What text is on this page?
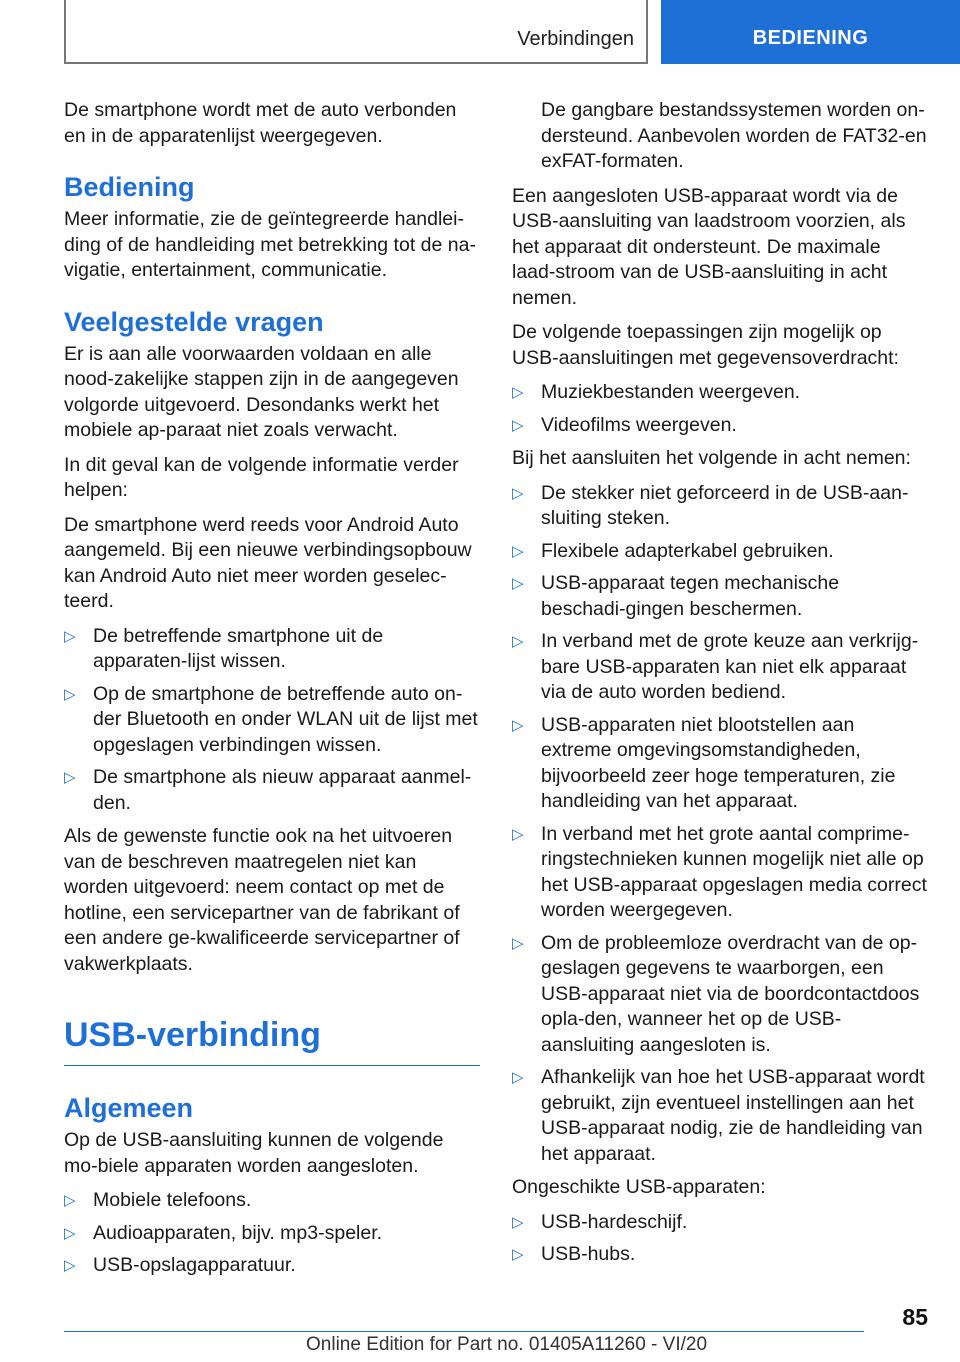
Verbindingen	BEDIENING

De smartphone wordt met de auto verbonden en in de apparatenlijst weergegeven.

Bediening

Meer informatie, zie de geïntegreerde handlei-ding of de handleiding met betrekking tot de na-vigatie, entertainment, communicatie.

Veelgestelde vragen

Er is aan alle voorwaarden voldaan en alle nood-zakelijke stappen zijn in de aangegeven volgorde uitgevoerd. Desondanks werkt het mobiele ap-paraat niet zoals verwacht.

In dit geval kan de volgende informatie verder helpen:

De smartphone werd reeds voor Android Auto aangemeld. Bij een nieuwe verbindingsopbouw kan Android Auto niet meer worden geselec-teerd.

▷ De betreffende smartphone uit de apparaten-lijst wissen.
▷ Op de smartphone de betreffende auto on-der Bluetooth en onder WLAN uit de lijst met opgeslagen verbindingen wissen.
▷ De smartphone als nieuw apparaat aanmel-den.

Als de gewenste functie ook na het uitvoeren van de beschreven maatregelen niet kan worden uitgevoerd: neem contact op met de hotline, een servicepartner van de fabrikant of een andere ge-kwalificeerde servicepartner of vakwerkplaats.

USB-verbinding
Algemeen

Op de USB-aansluiting kunnen de volgende mo-biele apparaten worden aangesloten.

▷ Mobiele telefoons.
▷ Audioapparaten, bijv. mp3-speler.
▷ USB-opslagapparatuur.

De gangbare bestandssystemen worden on-dersteund. Aanbevolen worden de FAT32-en exFAT-formaten.

Een aangesloten USB-apparaat wordt via de USB-aansluiting van laadstroom voorzien, als het apparaat dit ondersteunt. De maximale laad-stroom van de USB-aansluiting in acht nemen.

De volgende toepassingen zijn mogelijk op USB-aansluitingen met gegevensoverdracht:

▷ Muziekbestanden weergeven.
▷ Videofilms weergeven.

Bij het aansluiten het volgende in acht nemen:

▷ De stekker niet geforceerd in de USB-aan-sluiting steken.
▷ Flexibele adapterkabel gebruiken.
▷ USB-apparaat tegen mechanische beschadi-gingen beschermen.
▷ In verband met de grote keuze aan verkrijg-bare USB-apparaten kan niet elk apparaat via de auto worden bediend.
▷ USB-apparaten niet blootstellen aan extreme omgevingsomstandigheden, bijvoorbeeld zeer hoge temperaturen, zie handleiding van het apparaat.
▷ In verband met het grote aantal comprime-ringstechnieken kunnen mogelijk niet alle op het USB-apparaat opgeslagen media correct worden weergegeven.
▷ Om de probleemloze overdracht van de op-geslagen gegevens te waarborgen, een USB-apparaat niet via de boordcontactdoos opla-den, wanneer het op de USB-aansluiting aangesloten is.
▷ Afhankelijk van hoe het USB-apparaat wordt gebruikt, zijn eventueel instellingen aan het USB-apparaat nodig, zie de handleiding van het apparaat.

Ongeschikte USB-apparaten:

▷ USB-hardeschijf.
▷ USB-hubs.
85
Online Edition for Part no. 01405A11260 - VI/20
